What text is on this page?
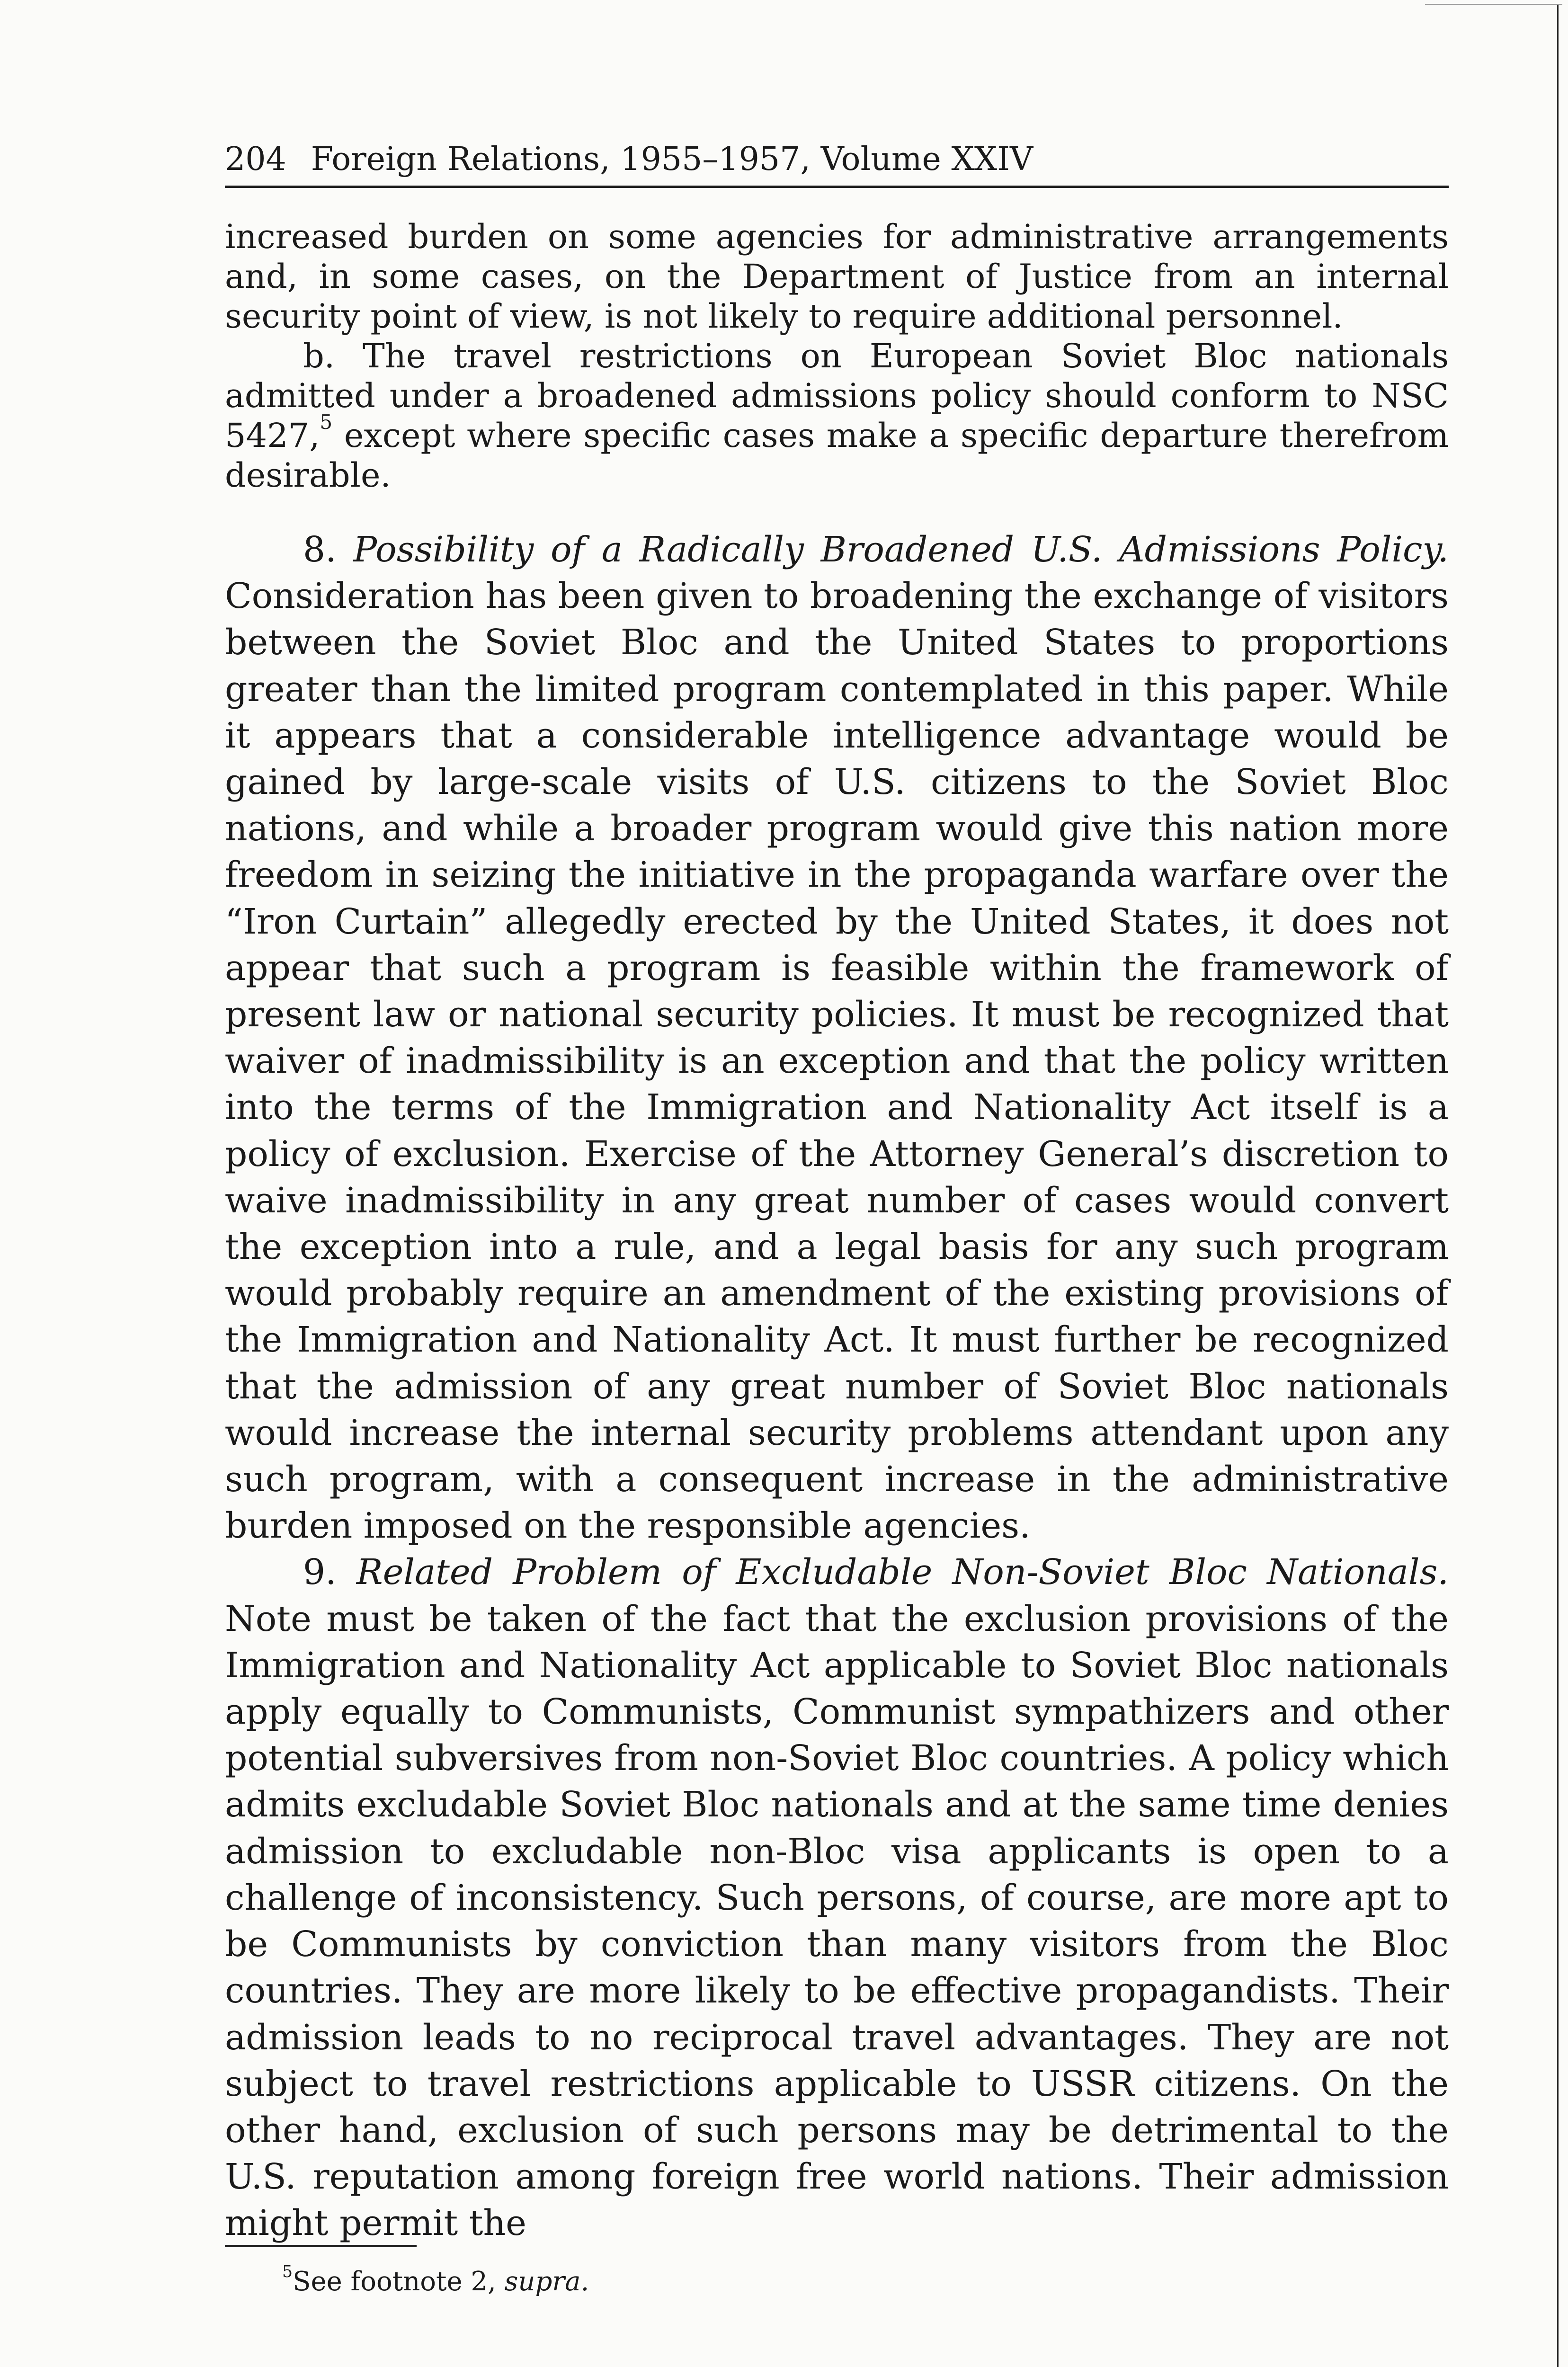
204 Foreign Relations, 1955–1957, Volume XXIV

increased burden on some agencies for administrative arrangements and, in some cases, on the Department of Justice from an internal security point of view, is not likely to require additional personnel.

b. The travel restrictions on European Soviet Bloc nationals admitted under a broadened admissions policy should conform to NSC 5427,$^5$ except where specific cases make a specific departure therefrom desirable.

8. Possibility of a Radically Broadened U.S. Admissions Policy. Consideration has been given to broadening the exchange of visitors between the Soviet Bloc and the United States to proportions greater than the limited program contemplated in this paper. While it appears that a considerable intelligence advantage would be gained by large-scale visits of U.S. citizens to the Soviet Bloc nations, and while a broader program would give this nation more freedom in seizing the initiative in the propaganda warfare over the “Iron Curtain” allegedly erected by the United States, it does not appear that such a program is feasible within the framework of present law or national security policies. It must be recognized that waiver of inadmissibility is an exception and that the policy written into the terms of the Immigration and Nationality Act itself is a policy of exclusion. Exercise of the Attorney General’s discretion to waive inadmissibility in any great number of cases would convert the exception into a rule, and a legal basis for any such program would probably require an amendment of the existing provisions of the Immigration and Nationality Act. It must further be recognized that the admission of any great number of Soviet Bloc nationals would increase the internal security problems attendant upon any such program, with a consequent increase in the administrative burden imposed on the responsible agencies.

9. Related Problem of Excludable Non-Soviet Bloc Nationals. Note must be taken of the fact that the exclusion provisions of the Immigration and Nationality Act applicable to Soviet Bloc nationals apply equally to Communists, Communist sympathizers and other potential subversives from non-Soviet Bloc countries. A policy which admits excludable Soviet Bloc nationals and at the same time denies admission to excludable non-Bloc visa applicants is open to a challenge of inconsistency. Such persons, of course, are more apt to be Communists by conviction than many visitors from the Bloc countries. They are more likely to be effective propagandists. Their admission leads to no reciprocal travel advantages. They are not subject to travel restrictions applicable to USSR citizens. On the other hand, exclusion of such persons may be detrimental to the U.S. reputation among foreign free world nations. Their admission might permit the

$^5$See footnote 2, supra.
